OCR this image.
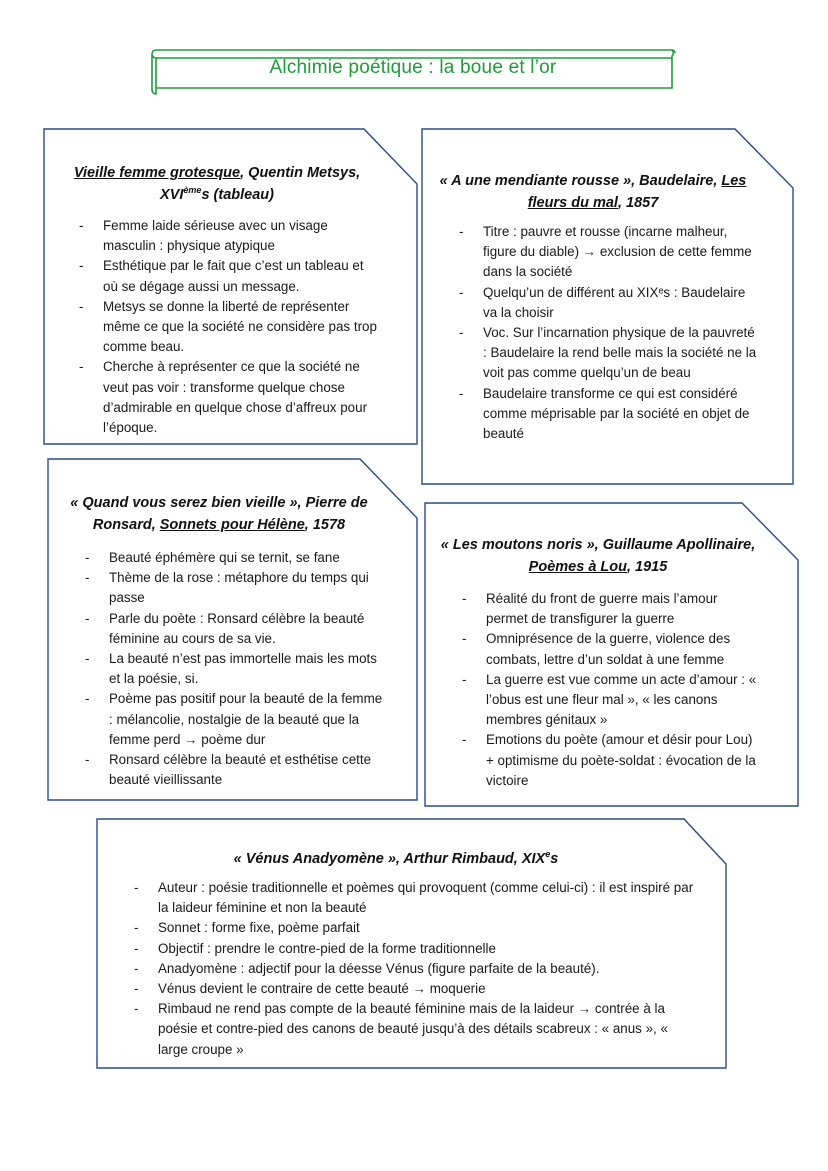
Alchimie poétique : la boue et l’or
Vieille femme grotesque, Quentin Metsys,
XVIèmes (tableau)
- Femme laide sérieuse avec un visage masculin : physique atypique
- Esthétique par le fait que c’est un tableau et où se dégage aussi un message.
- Metsys se donne la liberté de représenter même ce que la société ne considère pas trop comme beau.
- Cherche à représenter ce que la société ne veut pas voir : transforme quelque chose d’admirable en quelque chose d’affreux pour l’époque.
« A une mendiante rousse », Baudelaire, Les fleurs du mal, 1857
- Titre : pauvre et rousse (incarne malheur, figure du diable) → exclusion de cette femme dans la société
- Quelqu’un de différent au XIXᵉs : Baudelaire va la choisir
- Voc. Sur l’incarnation physique de la pauvreté : Baudelaire la rend belle mais la société ne la voit pas comme quelqu’un de beau
- Baudelaire transforme ce qui est considéré comme méprisable par la société en objet de beauté
« Quand vous serez bien vieille », Pierre de Ronsard, Sonnets pour Hélène, 1578
- Beauté éphémère qui se ternit, se fane
- Thème de la rose : métaphore du temps qui passe
- Parle du poète : Ronsard célèbre la beauté féminine au cours de sa vie.
- La beauté n’est pas immortelle mais les mots et la poésie, si.
- Poème pas positif pour la beauté de la femme : mélancolie, nostalgie de la beauté que la femme perd → poème dur
- Ronsard célèbre la beauté et esthétise cette beauté vieillissante
« Les moutons noris », Guillaume Apollinaire, Poèmes à Lou, 1915
- Réalité du front de guerre mais l’amour permet de transfigurer la guerre
- Omniprésence de la guerre, violence des combats, lettre d’un soldat à une femme
- La guerre est vue comme un acte d’amour : « l’obus est une fleur mal », « les canons membres génitaux »
- Emotions du poète (amour et désir pour Lou) + optimisme du poète-soldat : évocation de la victoire
« Vénus Anadyomène », Arthur Rimbaud, XIXes
- Auteur : poésie traditionnelle et poèmes qui provoquent (comme celui-ci) : il est inspiré par la laideur féminine et non la beauté
- Sonnet : forme fixe, poème parfait
- Objectif : prendre le contre-pied de la forme traditionnelle
- Anadyomène : adjectif pour la déesse Vénus (figure parfaite de la beauté).
- Vénus devient le contraire de cette beauté → moquerie
- Rimbaud ne rend pas compte de la beauté féminine mais de la laideur → contrée à la poésie et contre-pied des canons de beauté jusqu’à des détails scabreux : « anus », « large croupe »
